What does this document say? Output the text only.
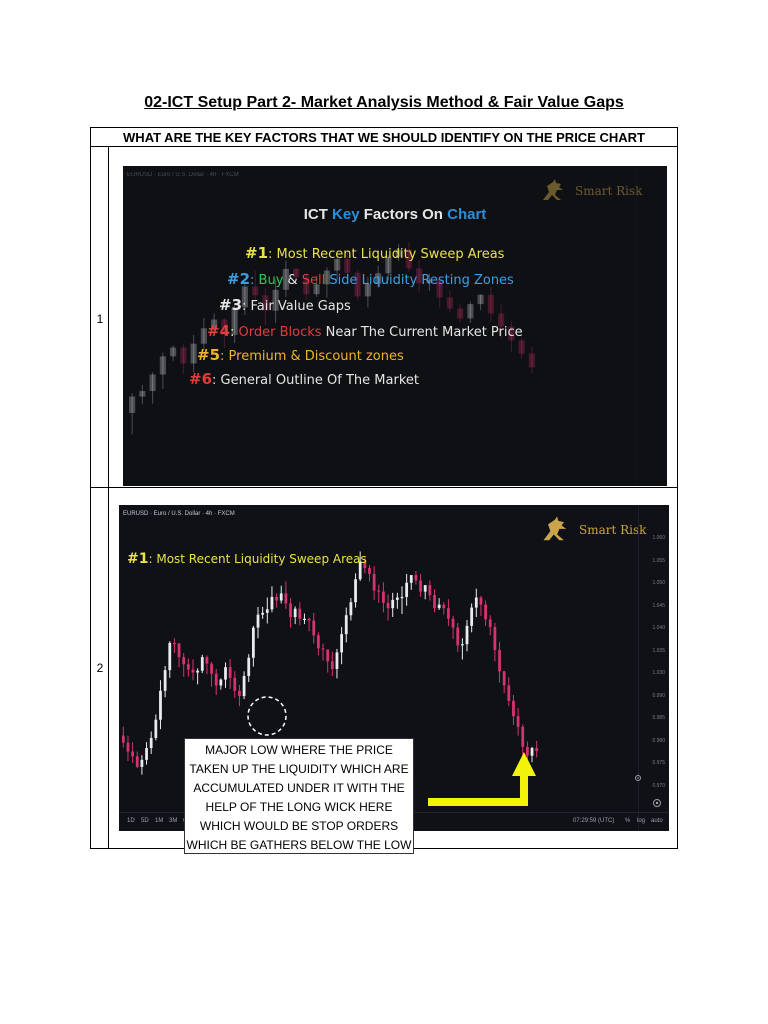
02-ICT Setup Part 2- Market Analysis Method & Fair Value Gaps
WHAT ARE THE KEY FACTORS THAT WE SHOULD IDENTIFY ON THE PRICE CHART
1
2
EURUSD · Euro / U.S. Dollar · 4h · FXCM
Smart Risk
ICT Key Factors On Chart
#1: Most Recent Liquidity Sweep Areas
#2: Buy & Sell Side Liquidity Resting Zones
#3: Fair Value Gaps
#4: Order Blocks Near The Current Market Price
#5: Premium & Discount zones
#6: General Outline Of The Market
EURUSD · Euro / U.S. Dollar · 4h · FXCM
Smart Risk
#1: Most Recent Liquidity Sweep Areas
1.060
1.055
1.050
1.045
1.040
1.035
1.030
0.990
0.985
0.980
0.975
0.970
1D 5D 1M 3M	07:29:59 (UTC) % log auto
MAJOR LOW WHERE THE PRICE
TAKEN UP THE LIQUIDITY WHICH ARE
ACCUMULATED UNDER IT WITH THE
HELP OF THE LONG WICK HERE
WHICH WOULD BE STOP ORDERS
WHICH BE GATHERS BELOW THE LOW
